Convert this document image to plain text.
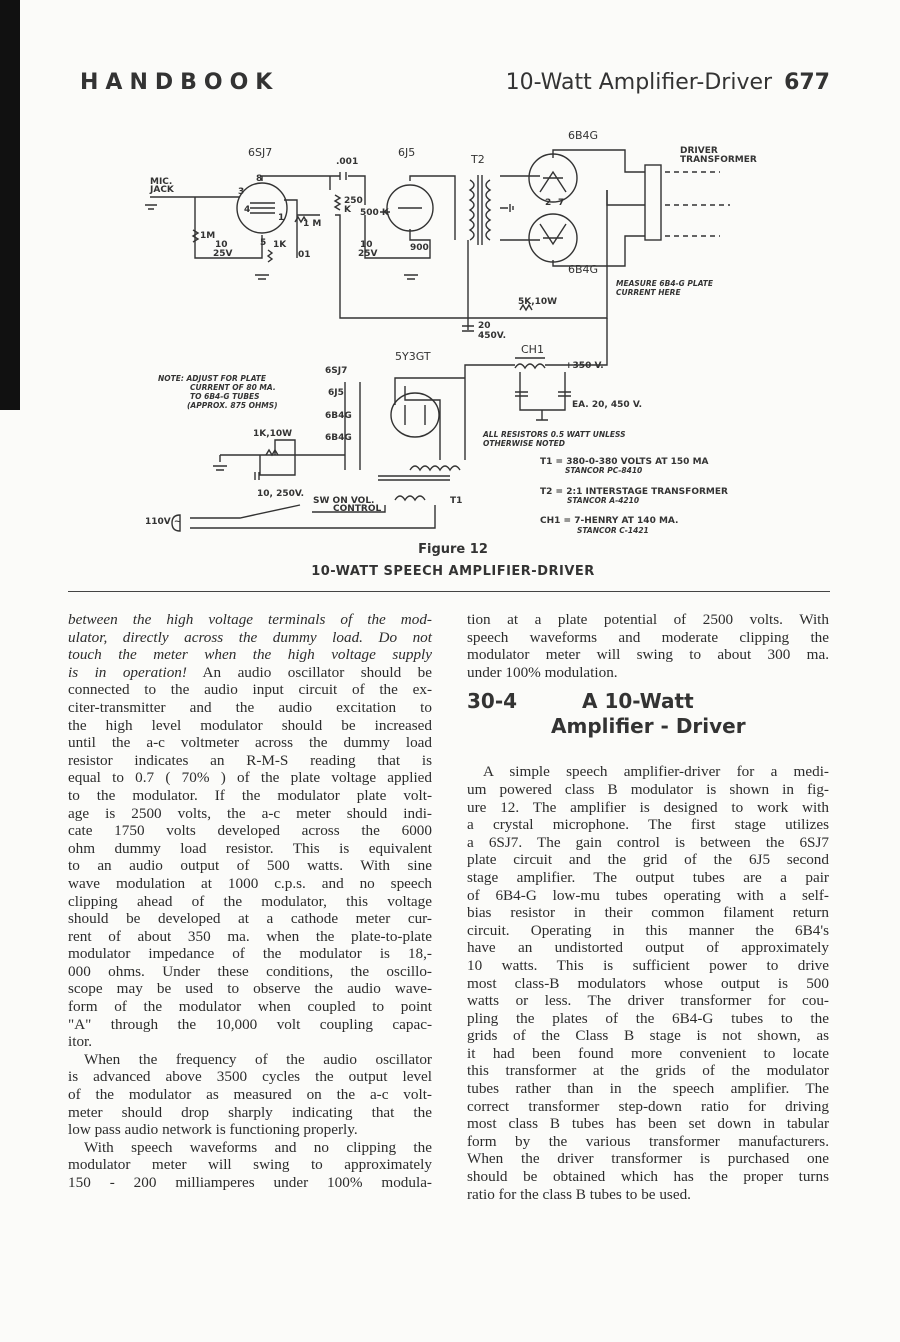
HANDBOOK	10-Watt Amplifier-Driver 677
6SJ7	6J5
6B4G
6B4G
T2
.001
MIC.
JACK
250
K 500 K
1M
1 M
10
25V
1K
01
10
25V
900
3
4
8
5
1
2 7
DRIVER
TRANSFORMER
MEASURE 6B4-G PLATE
CURRENT HERE
5K,10W
20
450V.
CH1
+350 V.
5Y3GT
EA. 20, 450 V.
6SJ7
6J5
6B4G
6B4G
NOTE: ADJUST FOR PLATE
CURRENT OF 80 MA.
TO 6B4-G TUBES
(APPROX. 875 OHMS)
1K,10W
10, 250V.
SW ON VOL.
CONTROL
T1
110V ~
ALL RESISTORS 0.5 WATT UNLESS
OTHERWISE NOTED
T1 = 380-0-380 VOLTS AT 150 MA
STANCOR PC-8410
T2 = 2:1 INTERSTAGE TRANSFORMER
STANCOR A-4210
CH1 = 7-HENRY AT 140 MA.
STANCOR C-1421
Figure 12
10-WATT SPEECH AMPLIFIER-DRIVER
between the high voltage terminals of the mod-
ulator, directly across the dummy load. Do not
touch the meter when the high voltage supply
is in operation! An audio oscillator should be
connected to the audio input circuit of the ex-
citer-transmitter and the audio excitation to
the high level modulator should be increased
until the a-c voltmeter across the dummy load
resistor indicates an R-M-S reading that is
equal to 0.7 ( 70% ) of the plate voltage applied
to the modulator. If the modulator plate volt-
age is 2500 volts, the a-c meter should indi-
cate 1750 volts developed across the 6000
ohm dummy load resistor. This is equivalent
to an audio output of 500 watts. With sine
wave modulation at 1000 c.p.s. and no speech
clipping ahead of the modulator, this voltage
should be developed at a cathode meter cur-
rent of about 350 ma. when the plate-to-plate
modulator impedance of the modulator is 18,-
000 ohms. Under these conditions, the oscillo-
scope may be used to observe the audio wave-
form of the modulator when coupled to point
"A" through the 10,000 volt coupling capac-
itor.
When the frequency of the audio oscillator
is advanced above 3500 cycles the output level
of the modulator as measured on the a-c volt-
meter should drop sharply indicating that the
low pass audio network is functioning properly.
With speech waveforms and no clipping the
modulator meter will swing to approximately
150 - 200 milliamperes under 100% modula-
tion at a plate potential of 2500 volts. With
speech waveforms and moderate clipping the
modulator meter will swing to about 300 ma.
under 100% modulation.
30-4	A 10-Watt
Amplifier - Driver
A simple speech amplifier-driver for a medi-
um powered class B modulator is shown in fig-
ure 12. The amplifier is designed to work with
a crystal microphone. The first stage utilizes
a 6SJ7. The gain control is between the 6SJ7
plate circuit and the grid of the 6J5 second
stage amplifier. The output tubes are a pair
of 6B4-G low-mu tubes operating with a self-
bias resistor in their common filament return
circuit. Operating in this manner the 6B4's
have an undistorted output of approximately
10 watts. This is sufficient power to drive
most class-B modulators whose output is 500
watts or less. The driver transformer for cou-
pling the plates of the 6B4-G tubes to the
grids of the Class B stage is not shown, as
it had been found more convenient to locate
this transformer at the grids of the modulator
tubes rather than in the speech amplifier. The
correct transformer step-down ratio for driving
most class B tubes has been set down in tabular
form by the various transformer manufacturers.
When the driver transformer is purchased one
should be obtained which has the proper turns
ratio for the class B tubes to be used.
